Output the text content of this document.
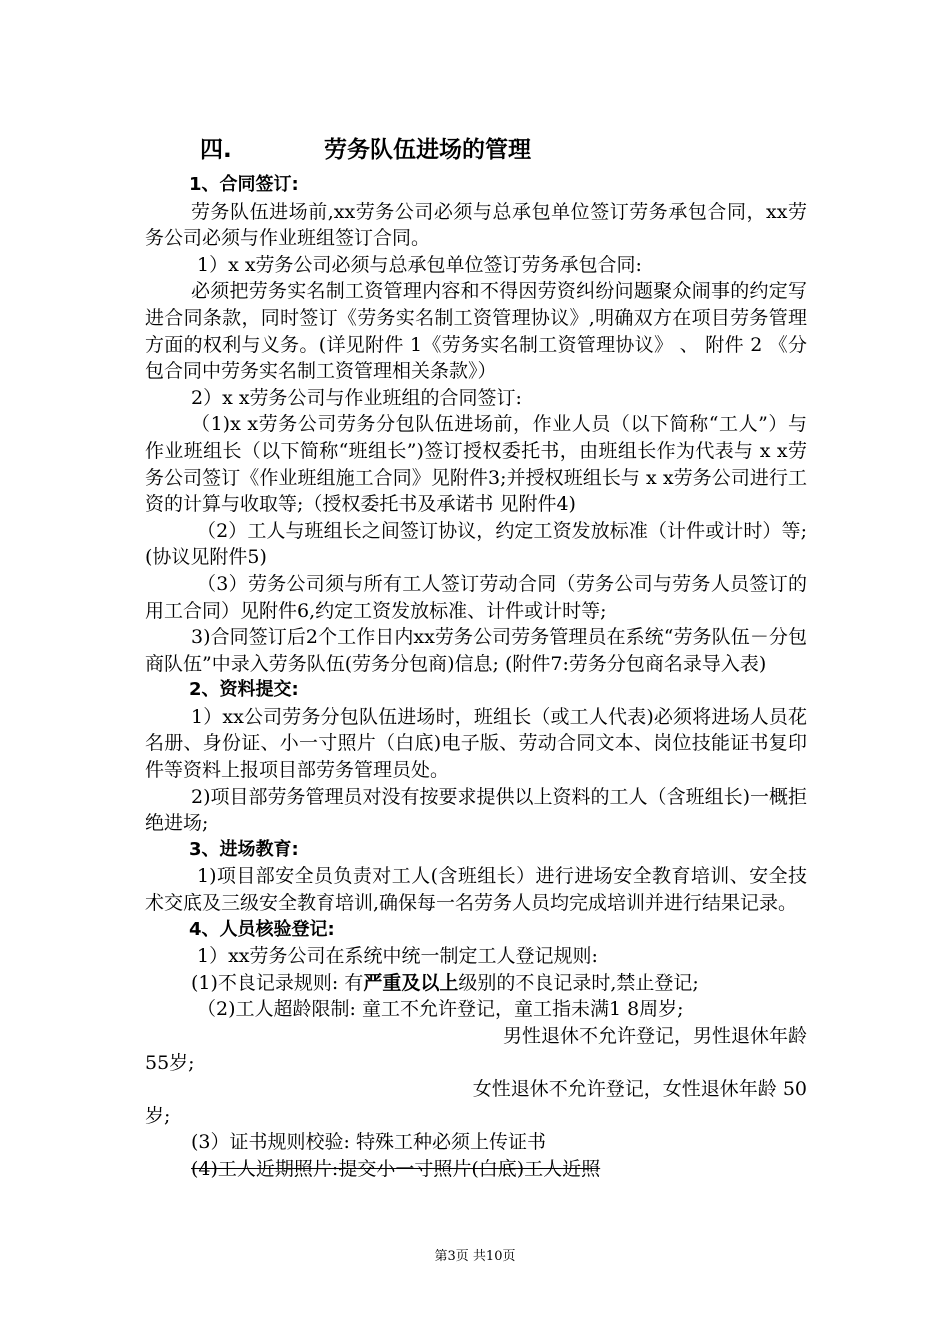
四.	劳务队伍进场的管理

1、合同签订:

劳务队伍进场前,xx劳务公司必须与总承包单位签订劳务承包合同，xx劳务公司必须与作业班组签订合同。

1）x x劳务公司必须与总承包单位签订劳务承包合同:

必须把劳务实名制工资管理内容和不得因劳资纠纷问题聚众闹事的约定写进合同条款，同时签订《劳务实名制工资管理协议》,明确双方在项目劳务管理方面的权利与义务。(详见附件 1《劳务实名制工资管理协议》 、 附件 2 《分包合同中劳务实名制工资管理相关条款》）

2）x x劳务公司与作业班组的合同签订:

（1)x x劳务公司劳务分包队伍进场前，作业人员（以下简称“工人”）与作业班组长（以下简称“班组长”)签订授权委托书，由班组长作为代表与 x x劳务公司签订《作业班组施工合同》见附件3;并授权班组长与 x x劳务公司进行工资的计算与收取等;（授权委托书及承诺书 见附件4)

（2）工人与班组长之间签订协议，约定工资发放标准（计件或计时）等;(协议见附件5)

（3）劳务公司须与所有工人签订劳动合同（劳务公司与劳务人员签订的用工合同）见附件6,约定工资发放标准、计件或计时等;

3)合同签订后2个工作日内xx劳务公司劳务管理员在系统“劳务队伍－分包商队伍”中录入劳务队伍(劳务分包商)信息; (附件7:劳务分包商名录导入表)

2、资料提交:

1）xx公司劳务分包队伍进场时，班组长（或工人代表)必须将进场人员花名册、身份证、小一寸照片（白底)电子版、劳动合同文本、岗位技能证书复印件等资料上报项目部劳务管理员处。

2)项目部劳务管理员对没有按要求提供以上资料的工人（含班组长)一概拒绝进场;

3、进场教育:

1)项目部安全员负责对工人(含班组长）进行进场安全教育培训、安全技术交底及三级安全教育培训,确保每一名劳务人员均完成培训并进行结果记录。

4、人员核验登记:

1）xx劳务公司在系统中统一制定工人登记规则:

(1)不良记录规则: 有严重及以上级别的不良记录时,禁止登记;

（2)工人超龄限制: 童工不允许登记，童工指未满1 8周岁;

男性退休不允许登记，男性退休年龄

55岁;

女性退休不允许登记，女性退休年龄 50

岁;

(3）证书规则校验: 特殊工种必须上传证书

(4)工人近期照片:提交小一寸照片(白底)工人近照

第3页 共10页
